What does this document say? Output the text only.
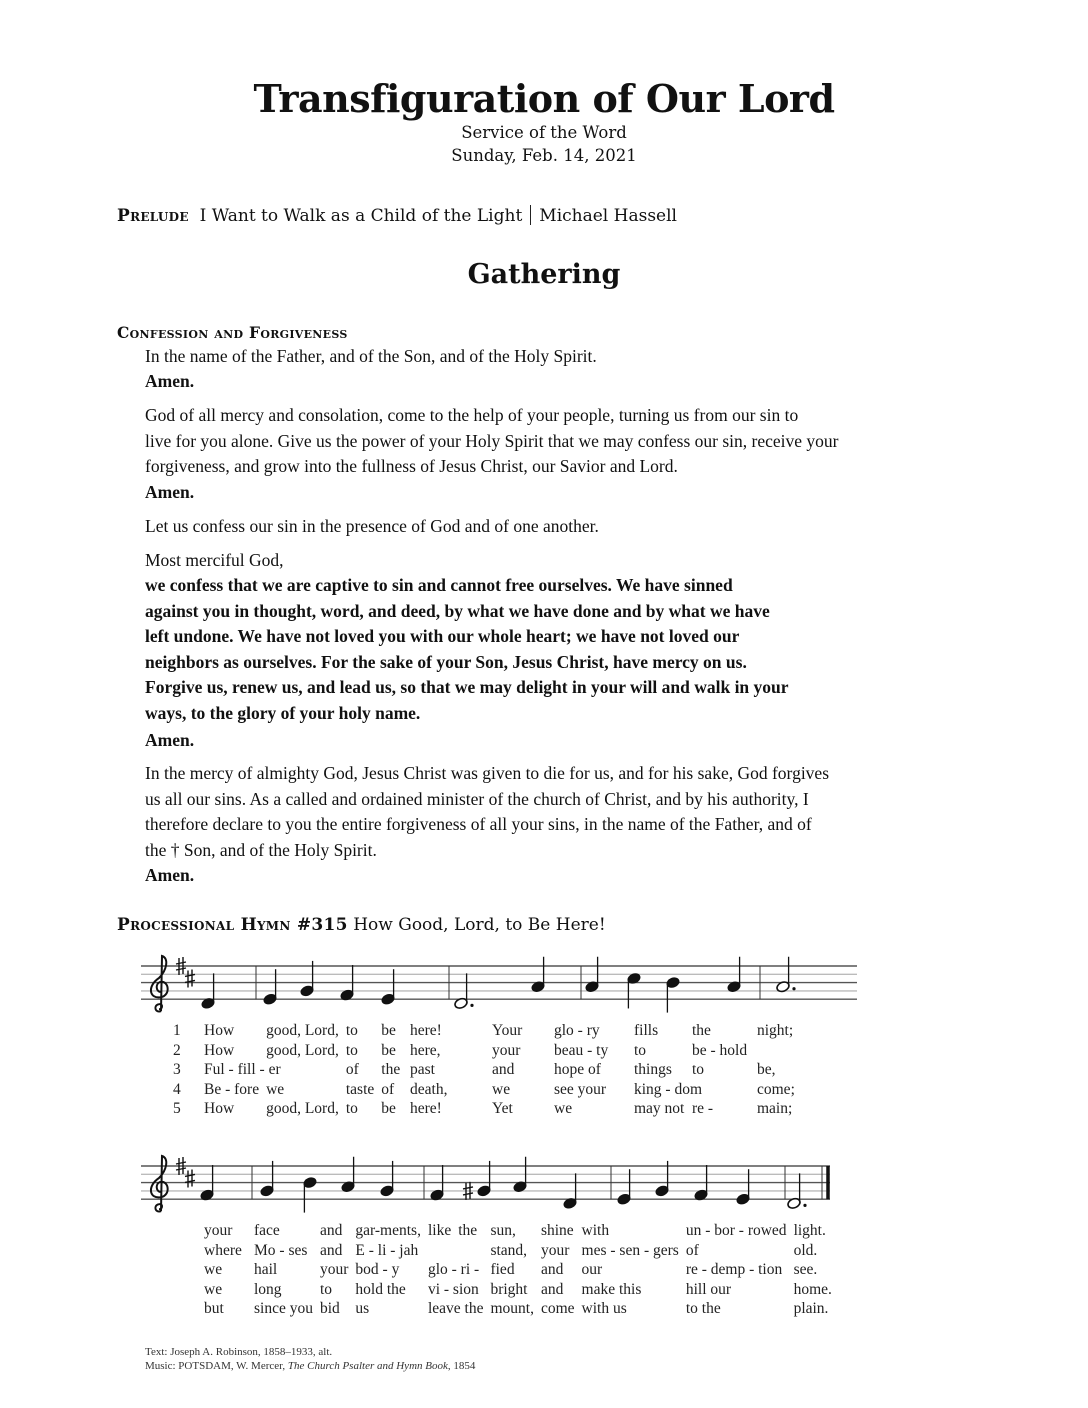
Transfiguration of Our Lord
Service of the Word
Sunday, Feb. 14, 2021
Prelude I Want to Walk as a Child of the Light Michael Hassell
Gathering
Confession and Forgiveness
In the name of the Father, and of the Son, and of the Holy Spirit.
Amen.
God of all mercy and consolation, come to the help of your people, turning us from our sin to
live for you alone. Give us the power of your Holy Spirit that we may confess our sin, receive your
forgiveness, and grow into the fullness of Jesus Christ, our Savior and Lord.
Amen.
Let us confess our sin in the presence of God and of one another.
Most merciful God,
we confess that we are captive to sin and cannot free ourselves. We have sinned
against you in thought, word, and deed, by what we have done and by what we have
left undone. We have not loved you with our whole heart; we have not loved our
neighbors as ourselves. For the sake of your Son, Jesus Christ, have mercy on us.
Forgive us, renew us, and lead us, so that we may delight in your will and walk in your
ways, to the glory of your holy name.
Amen.
In the mercy of almighty God, Jesus Christ was given to die for us, and for his sake, God forgives
us all our sins. As a called and ordained minister of the church of Christ, and by his authority, I
therefore declare to you the entire forgiveness of all your sins, in the name of the Father, and of
the † Son, and of the Holy Spirit.
Amen.
Processional Hymn #315 How Good, Lord, to Be Here!
1 How good, Lord, to be here!	Your glo - ry fills the	night;
2 How good, Lord, to be here,	your beau - ty to	be - hold
3 Ful - fill - er	of the past	and	hope of things to	be,
4 Be - fore we	taste of death,	we	see your king - dom	come;
5 How good, Lord, to be here!	Yet	we	may not re -	main;
your face	and gar-ments, like the sun, shine with	un - bor - rowed light.
where Mo - ses and E - li - jah	stand, your mes - sen - gers of	old.
we hail	your bod - y glo - ri - fied and our	re - demp - tion see.
we long to hold the vi - sion bright and make this	hill our	home.
but since you bid us	leave the mount, come with us	to the	plain.
Text: Joseph A. Robinson, 1858–1933, alt.
Music: POTSDAM, W. Mercer, The Church Psalter and Hymn Book, 1854
